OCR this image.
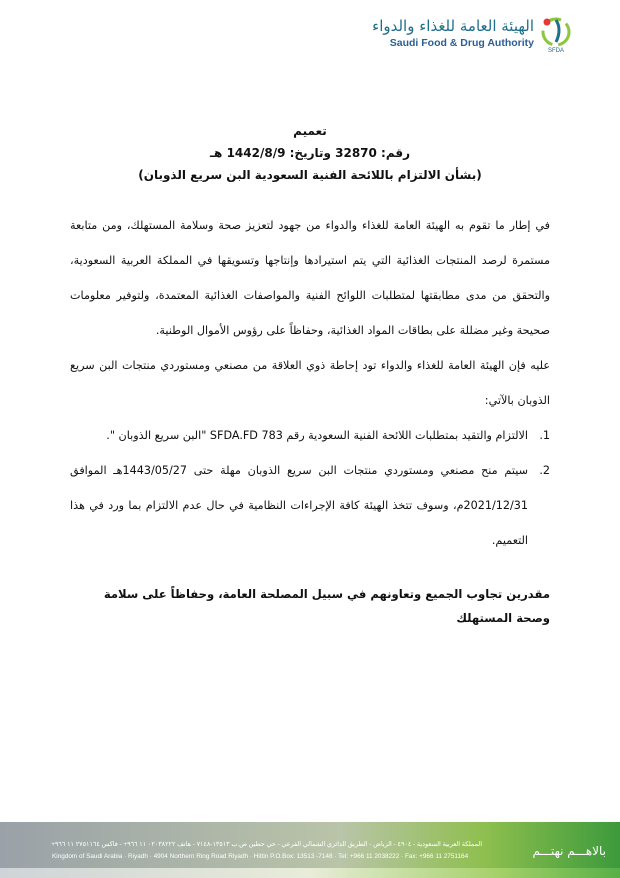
الهيئة العامة للغذاء والدواء
Saudi Food & Drug Authority
SFDA
تعميم
رقم: 32870 وتاريخ: 1442/8/9 هـ
(بشأن الالتزام باللائحة الفنية السعودية البن سريع الذوبان)
في إطار ما تقوم به الهيئة العامة للغذاء والدواء من جهود لتعزيز صحة وسلامة المستهلك، ومن متابعة مستمرة لرصد المنتجات الغذائية التي يتم استيرادها وإنتاجها وتسويقها في المملكة العربية السعودية، والتحقق من مدى مطابقتها لمتطلبات اللوائح الفنية والمواصفات الغذائية المعتمدة، ولتوفير معلومات صحيحة وغير مضللة على بطاقات المواد الغذائية، وحفاظاً على رؤوس الأموال الوطنية.
عليه فإن الهيئة العامة للغذاء والدواء تود إحاطة ذوي العلاقة من مصنعي ومستوردي منتجات البن سريع الذوبان بالآتي:
1.
الالتزام والتقيد بمتطلبات اللائحة الفنية السعودية رقم SFDA.FD 783 "البن سريع الذوبان ".
2.
سيتم منح مصنعي ومستوردي منتجات البن سريع الذوبان مهلة حتى 1443/05/27هـ الموافق 2021/12/31م، وسوف تتخذ الهيئة كافة الإجراءات النظامية في حال عدم الالتزام بما ورد في هذا التعميم.
مقدرين تجاوب الجميع وتعاونهم في سبيل المصلحة العامة، وحفاظاً على سلامة وصحة المستهلك
المملكة العربية السعودية - ٤٩٠٤ - الرياض - الطريق الدائري الشمالي الفرعي - حي حطين ص.ب ١٣٥١٣-٧١٤٨ - هاتف ٠٢٠٣٨٢٢٢ ١١ ٩٦٦+ - فاكس ٢٧٥١١٦٤ ١١ ٩٦٦+
Kingdom of Saudi Arabia · Riyadh · 4904 Northern Ring Road Riyadh · Hittin P.O.Box: 13513 -7148 · Tel: +966 11 2038222 · Fax: +966 11 2751164	بالاهـــم نهتـــم
